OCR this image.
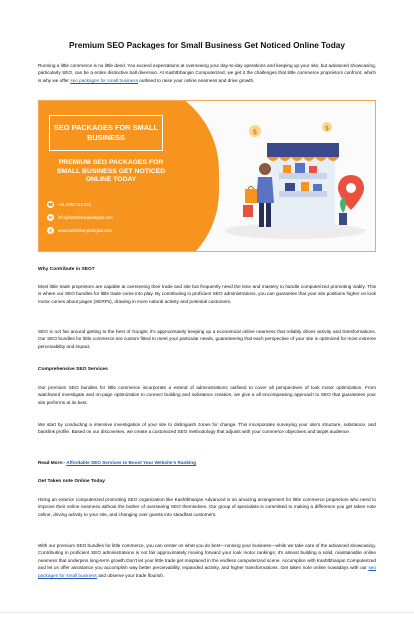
Premium SEO Packages for Small Business Get Noticed Online Today

Running a little commerce is no little deed. You exceed expectations at overseeing your day-to-day operations and keeping up your site, but advanced showcasing, particularly SEO, can be a entire distinctive ball diversion. At Kashtbhanjan Computerized, we get it the challenges that little commerce proprietors confront, which is why we offer seo packages for small business outlined to raise your online nearness and drive growth.

SEO PACKAGES FOR SMALL BUSINESS
PREMIUM SEO PACKAGES FOR SMALL BUSINESS GET NOTICED ONLINE TODAY
☎ +91 6352 513 624
✉	info@kashtbhanjandigital.com
◎	www.kashtbhanjandigital.com
$	$
Why Contribute in SEO?

Most little trade proprietors are capable at overseeing their trade and site but frequently need the time and mastery to handle computerized promoting viably. This is where our SEO bundles for little trade come into play. By contributing in proficient SEO administrations, you can guarantee that your site positions higher on look motor comes about pages (SERPs), drawing in more natural activity and potential customers.

SEO is not fair around getting to the best of Google; it's approximately keeping up a economical online nearness that reliably drives activity and transformations. Our SEO bundles for little commerce are custom fitted to meet your particular needs, guaranteeing that each perspective of your site is optimized for most extreme perceivability and impact.

Comprehensive SEO Services

Our premium SEO bundles for little commerce incorporate a extend of administrations outlined to cover all perspectives of look motor optimization. From watchword investigate and on-page optimization to connect building and substance creation, we give a all encompassing approach to SEO that guarantees your site performs at its best.

We start by conducting a intensive investigation of your site to distinguish zones for change. This incorporates surveying your site's structure, substance, and backlink profile. Based on our discoveries, we create a customized SEO methodology that adjusts with your commerce objectives and target audience.

Read More:- Affordable SEO Services to Boost Your Website's Ranking

Get Taken note Online Today

Hiring an exterior computerized promoting SEO organization like Kashtbhanjan Advanced is an amazing arrangement for little commerce proprietors who need to improve their online nearness without the bother of overseeing SEO themselves. Our group of specialists is committed to making a difference you get taken note online, driving activity to your site, and changing over guests into steadfast customers.

With our premium SEO bundles for little commerce, you can center on what you do best—running your business—while we take care of the advanced showcasing. Contributing in proficient SEO administrations is not fair approximately moving forward your look motor rankings; it's almost building a solid, maintainable online nearness that underpins long-term growth.Don't let your little trade get misplaced in the endless computerized scene. Accomplice with Kashtbhanjan Computerized and let us offer assistance you accomplish way better perceivability, expanded activity, and higher transformations. Get taken note online nowadays with our seo packages for small business and observe your trade flourish.
